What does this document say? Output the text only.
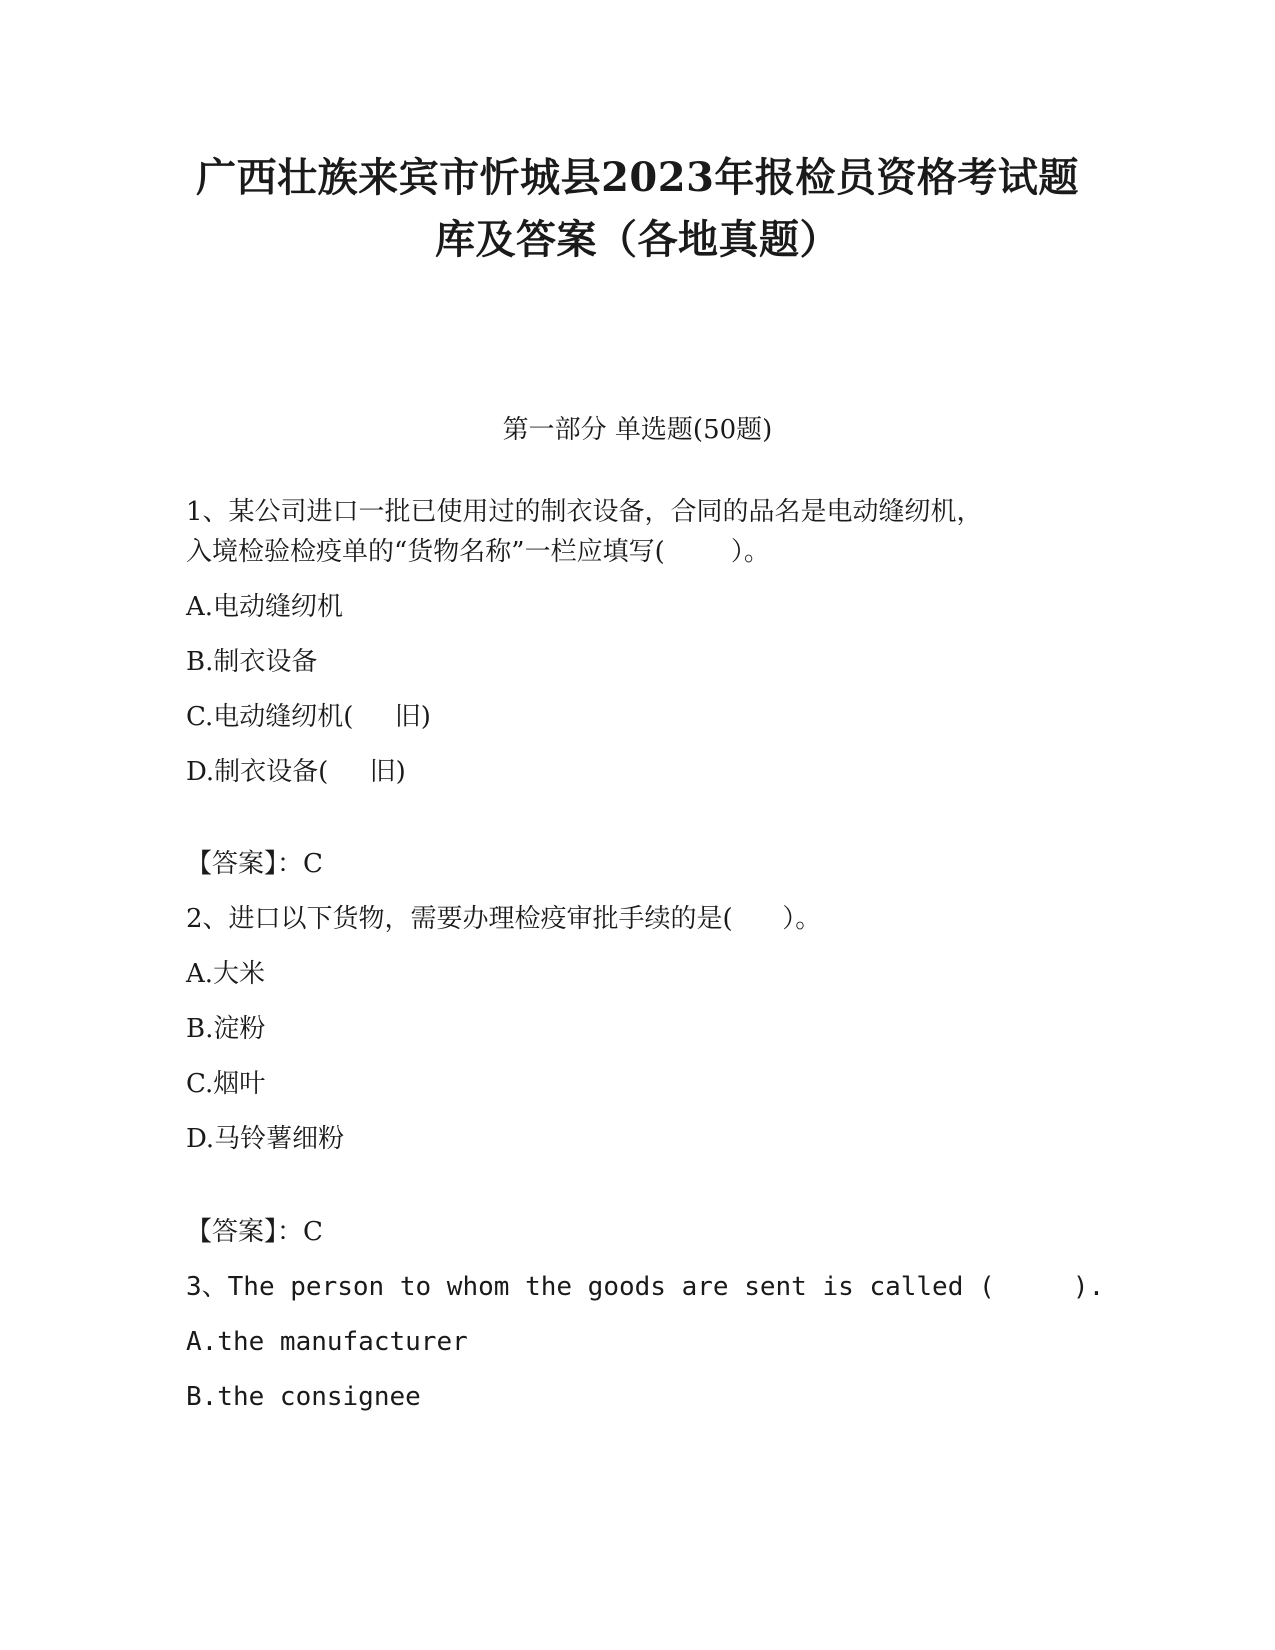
广西壮族来宾市忻城县2023年报检员资格考试题
库及答案（各地真题）
第一部分 单选题(50题)
1、某公司进口一批已使用过的制衣设备，合同的品名是电动缝纫机，
入境检验检疫单的“货物名称”一栏应填写(        ）。
A.电动缝纫机
B.制衣设备
C.电动缝纫机(     旧)
D.制衣设备(     旧)
【答案】：C
2、进口以下货物，需要办理检疫审批手续的是(      ）。
A.大米
B.淀粉
C.烟叶
D.马铃薯细粉
【答案】：C
3、The person to whom the goods are sent is called (     ).
A.the manufacturer
B.the consignee
